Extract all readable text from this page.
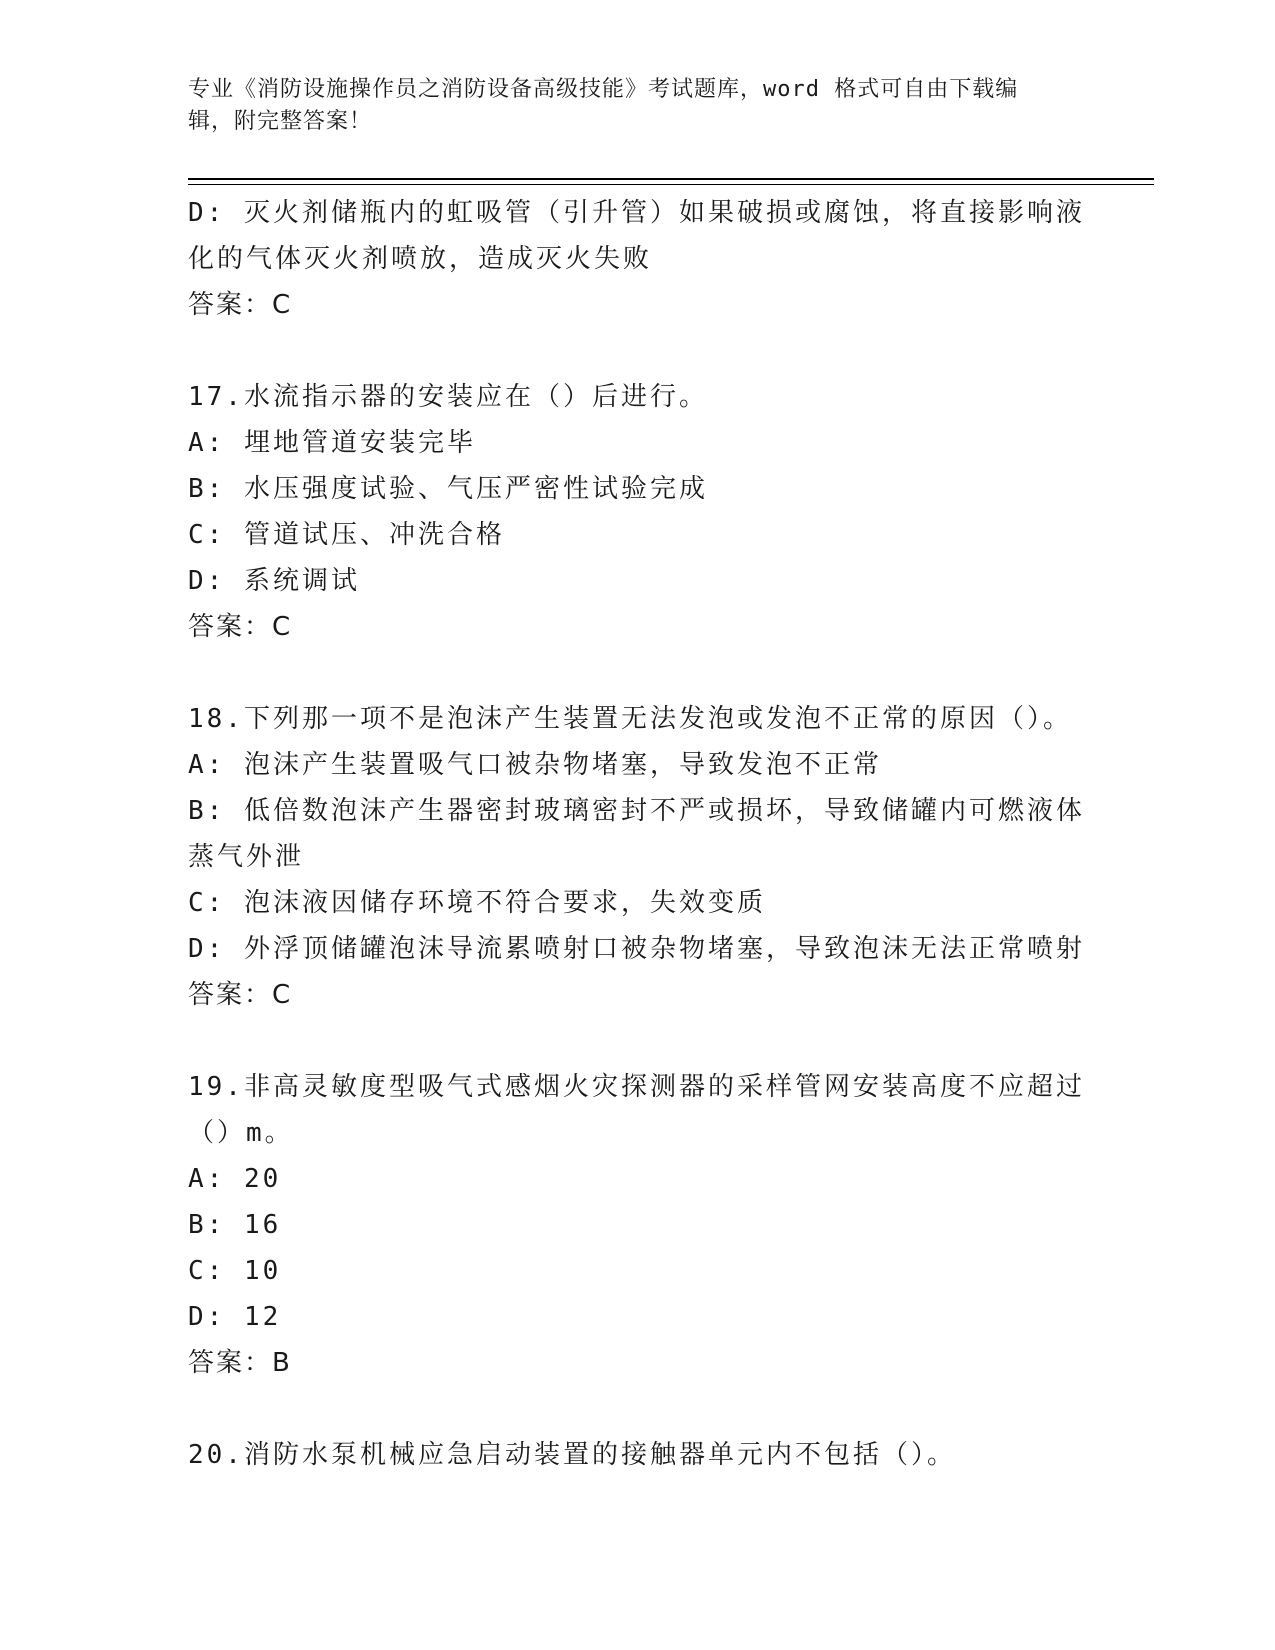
专业《消防设施操作员之消防设备高级技能》考试题库，word 格式可自由下载编
辑，附完整答案！
D: 灭火剂储瓶内的虹吸管（引升管）如果破损或腐蚀，将直接影响液
化的气体灭火剂喷放，造成灭火失败
答案：C
17.水流指示器的安装应在（）后进行。
A: 埋地管道安装完毕
B: 水压强度试验、气压严密性试验完成
C: 管道试压、冲洗合格
D: 系统调试
答案：C
18.下列那一项不是泡沫产生装置无法发泡或发泡不正常的原因（）。
A: 泡沫产生装置吸气口被杂物堵塞，导致发泡不正常
B: 低倍数泡沫产生器密封玻璃密封不严或损坏，导致储罐内可燃液体
蒸气外泄
C: 泡沫液因储存环境不符合要求，失效变质
D: 外浮顶储罐泡沫导流累喷射口被杂物堵塞，导致泡沫无法正常喷射
答案：C
19.非高灵敏度型吸气式感烟火灾探测器的采样管网安装高度不应超过
（）m。
A: 20
B: 16
C: 10
D: 12
答案：B
20.消防水泵机械应急启动装置的接触器单元内不包括（）。
